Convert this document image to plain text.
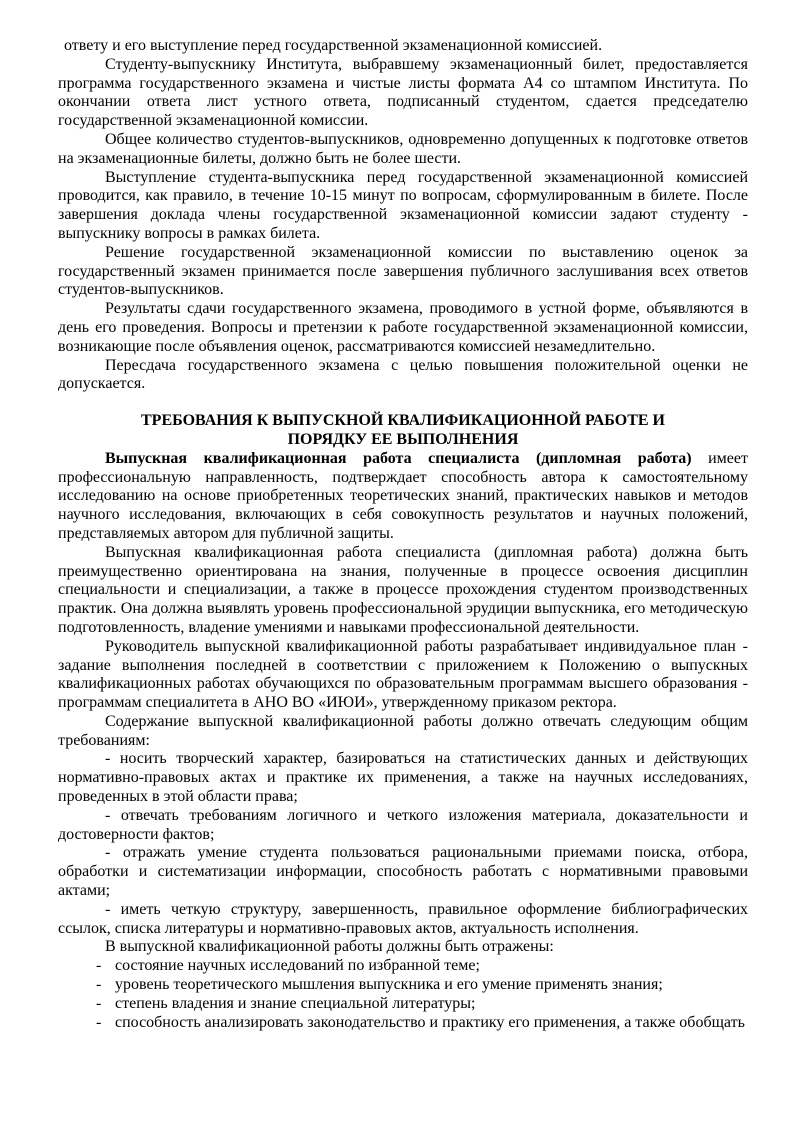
ответу и его выступление перед государственной экзаменационной комиссией.

Студенту-выпускнику Института, выбравшему экзаменационный билет, предоставляется программа государственного экзамена и чистые листы формата А4 со штампом Института. По окончании ответа лист устного ответа, подписанный студентом, сдается председателю государственной экзаменационной комиссии.

Общее количество студентов-выпускников, одновременно допущенных к подготовке ответов на экзаменационные билеты, должно быть не более шести.

Выступление студента-выпускника перед государственной экзаменационной комиссией проводится, как правило, в течение 10-15 минут по вопросам, сформулированным в билете. После завершения доклада члены государственной экзаменационной комиссии задают студенту - выпускнику вопросы в рамках билета.

Решение государственной экзаменационной комиссии по выставлению оценок за государственный экзамен принимается после завершения публичного заслушивания всех ответов студентов-выпускников.

Результаты сдачи государственного экзамена, проводимого в устной форме, объявляются в день его проведения. Вопросы и претензии к работе государственной экзаменационной комиссии, возникающие после объявления оценок, рассматриваются комиссией незамедлительно.

Пересдача государственного экзамена с целью повышения положительной оценки не допускается.

ТРЕБОВАНИЯ К ВЫПУСКНОЙ КВАЛИФИКАЦИОННОЙ РАБОТЕ И
ПОРЯДКУ ЕЕ ВЫПОЛНЕНИЯ

Выпускная квалификационная работа специалиста (дипломная работа) имеет профессиональную направленность, подтверждает способность автора к самостоятельному исследованию на основе приобретенных теоретических знаний, практических навыков и методов научного исследования, включающих в себя совокупность результатов и научных положений, представляемых автором для публичной защиты.

Выпускная квалификационная работа специалиста (дипломная работа) должна быть преимущественно ориентирована на знания, полученные в процессе освоения дисциплин специальности и специализации, а также в процессе прохождения студентом производственных практик. Она должна выявлять уровень профессиональной эрудиции выпускника, его методическую подготовленность, владение умениями и навыками профессиональной деятельности.

Руководитель выпускной квалификационной работы разрабатывает индивидуальное план - задание выполнения последней в соответствии с приложением к Положению о выпускных квалификационных работах обучающихся по образовательным программам высшего образования - программам специалитета в АНО ВО «ИЮИ», утвержденному приказом ректора.

Содержание выпускной квалификационной работы должно отвечать следующим общим требованиям:

- носить творческий характер, базироваться на статистических данных и действующих нормативно-правовых актах и практике их применения, а также на научных исследованиях, проведенных в этой области права;

- отвечать требованиям логичного и четкого изложения материала, доказательности и достоверности фактов;

- отражать умение студента пользоваться рациональными приемами поиска, отбора, обработки и систематизации информации, способность работать с нормативными правовыми актами;

- иметь четкую структуру, завершенность, правильное оформление библиографических ссылок, списка литературы и нормативно-правовых актов, актуальность исполнения.

В выпускной квалификационной работы должны быть отражены:

- состояние научных исследований по избранной теме;
- уровень теоретического мышления выпускника и его умение применять знания;
- степень владения и знание специальной литературы;
- способность анализировать законодательство и практику его применения, а также обобщать
